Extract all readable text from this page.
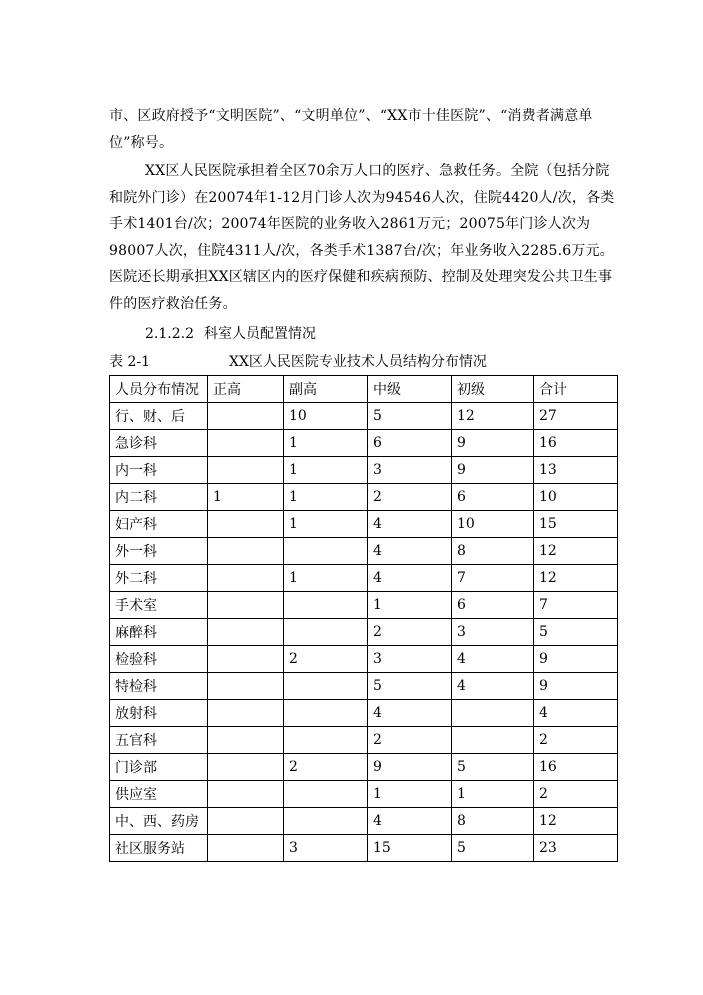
市、区政府授予“文明医院”、“文明单位”、“XX市十佳医院”、“消费者满意单位”称号。

XX区人民医院承担着全区70余万人口的医疗、急救任务。全院（包括分院和院外门诊）在20074年1-12月门诊人次为94546人次，住院4420人/次，各类手术1401台/次；20074年医院的业务收入2861万元；20075年门诊人次为98007人次，住院4311人/次，各类手术1387台/次；年业务收入2285.6万元。医院还长期承担XX区辖区内的医疗保健和疾病预防、控制及处理突发公共卫生事件的医疗救治任务。

2.1.2.2 科室人员配置情况

表 2-1	XX区人民医院专业技术人员结构分布情况

人员分布情况	正高	副高	中级	初级	合计
行、财、后		10	5	12	27
急诊科		1	6	9	16
内一科		1	3	9	13
内二科	1	1	2	6	10
妇产科		1	4	10	15
外一科			4	8	12
外二科		1	4	7	12
手术室			1	6	7
麻醉科			2	3	5
检验科		2	3	4	9
特检科			5	4	9
放射科			4		4
五官科			2		2
门诊部		2	9	5	16
供应室			1	1	2
中、西、药房			4	8	12
社区服务站		3	15	5	23
